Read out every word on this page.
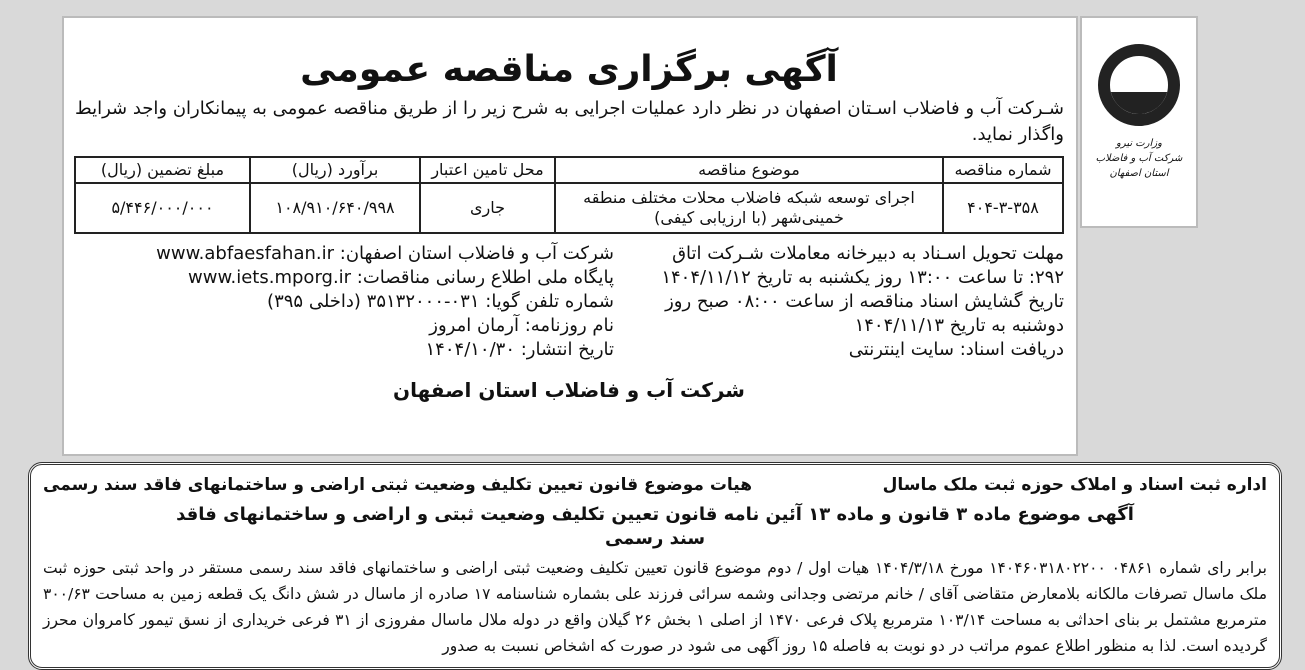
وزارت نیرو
شرکت آب و فاضلاب استان اصفهان
آگهی برگزاری مناقصه عمومی
شـرکت آب و فاضلاب اسـتان اصفهان در نظر دارد عملیات اجرایی به شرح زیر را از طریق مناقصه عمومی به پیمانکاران واجد شرایط واگذار نماید.
شماره مناقصه	موضوع مناقصه	محل تامین اعتبار	برآورد (ریال)	مبلغ تضمین (ریال)
۴۰۴-۳-۳۵۸	اجرای توسعه شبکه فاضلاب محلات مختلف منطقه خمینی‌شهر (با ارزیابی کیفی)	جاری	۱۰۸/۹۱۰/۶۴۰/۹۹۸	۵/۴۴۶/۰۰۰/۰۰۰
مهلت تحویل اسـناد به دبیرخانه معاملات شـرکت اتاق ۲۹۲: تا ساعت ۱۳:۰۰ روز یکشنبه به تاریخ ۱۴۰۴/۱۱/۱۲
تاریخ گشایش اسناد مناقصه از ساعت ۰۸:۰۰ صبح روز دوشنبه به تاریخ ۱۴۰۴/۱۱/۱۳
دریافت اسناد: سایت اینترنتی
شرکت آب و فاضلاب استان اصفهان: www.abfaesfahan.ir
پایگاه ملی اطلاع رسانی مناقصات: www.iets.mporg.ir
شماره تلفن گویا: ۰۳۱-۳۵۱۳۲۰۰۰ (داخلی ۳۹۵)
نام روزنامه: آرمان امروز
تاریخ انتشار: ۱۴۰۴/۱۰/۳۰
شرکت آب و فاضلاب استان اصفهان
اداره ثبت اسناد و املاک حوزه ثبت ملک ماسال
هیات موضوع قانون تعیین تکلیف وضعیت ثبتی اراضی و ساختمانهای فاقد سند رسمی
آگهی موضوع ماده ۳ قانون و ماده ۱۳ آئین نامه قانون تعیین تکلیف وضعیت ثبتی و اراضی و ساختمانهای فاقد سند رسمی
برابر رای شماره ۰۴۸۶۱ ۱۴۰۴۶۰۳۱۸۰۲۲۰۰ مورخ ۱۴۰۴/۳/۱۸ هیات اول / دوم موضوع قانون تعیین تکلیف وضعیت ثبتی اراضی و ساختمانهای فاقد سند رسمی مستقر در واحد ثبتی حوزه ثبت ملک ماسال تصرفات مالکانه بلامعارض متقاضی آقای / خانم مرتضی وجدانی وشمه سرائی فرزند علی بشماره شناسنامه ۱۷ صادره از ماسال در شش دانگ یک قطعه زمین به مساحت ۳۰۰/۶۳ مترمربع مشتمل بر بنای احداثی به مساحت ۱۰۳/۱۴ مترمربع پلاک فرعی ۱۴۷۰ از اصلی ۱ بخش ۲۶ گیلان واقع در دوله ملال ماسال مفروزی از ۳۱ فرعی خریداری از نسق تیمور کامروان محرز گردیده است. لذا به منظور اطلاع عموم مراتب در دو نوبت به فاصله ۱۵ روز آگهی می شود در صورت که اشخاص نسبت به صدور
